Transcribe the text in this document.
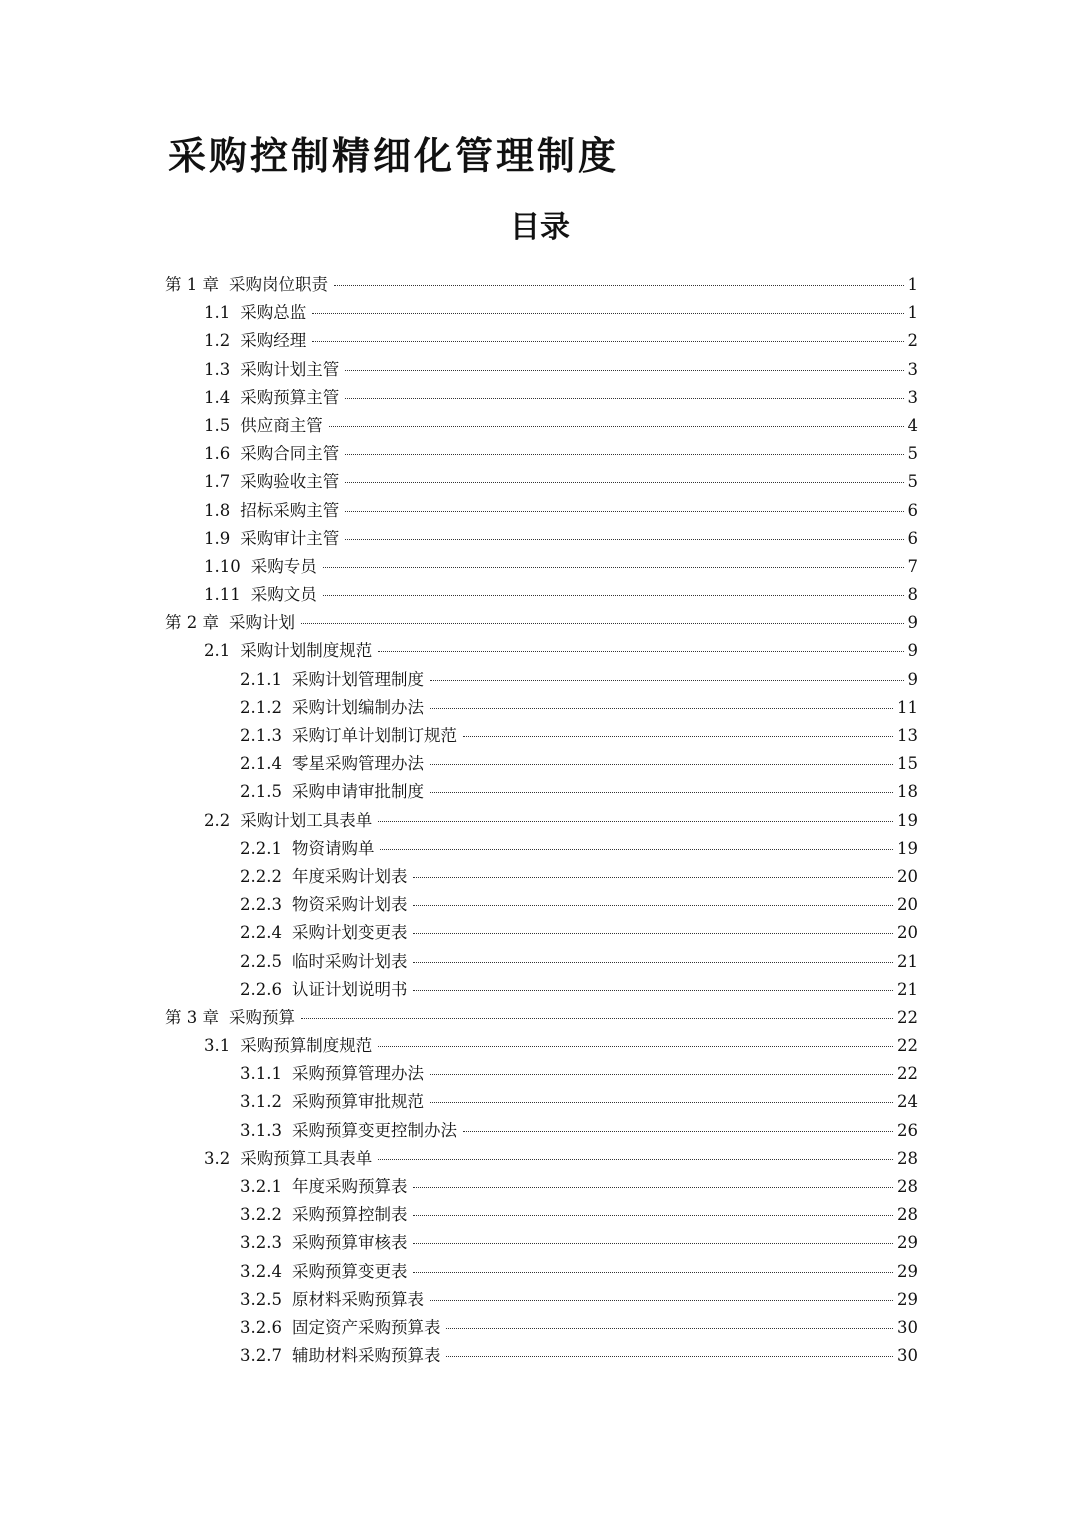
采购控制精细化管理制度
目录
第 1 章 采购岗位职责	1
1.1 采购总监	1
1.2 采购经理	2
1.3 采购计划主管	3
1.4 采购预算主管	3
1.5 供应商主管	4
1.6 采购合同主管	5
1.7 采购验收主管	5
1.8 招标采购主管	6
1.9 采购审计主管	6
1.10 采购专员	7
1.11 采购文员	8
第 2 章 采购计划	9
2.1 采购计划制度规范	9
2.1.1 采购计划管理制度	9
2.1.2 采购计划编制办法	11
2.1.3 采购订单计划制订规范	13
2.1.4 零星采购管理办法	15
2.1.5 采购申请审批制度	18
2.2 采购计划工具表单	19
2.2.1 物资请购单	19
2.2.2 年度采购计划表	20
2.2.3 物资采购计划表	20
2.2.4 采购计划变更表	20
2.2.5 临时采购计划表	21
2.2.6 认证计划说明书	21
第 3 章 采购预算	22
3.1 采购预算制度规范	22
3.1.1 采购预算管理办法	22
3.1.2 采购预算审批规范	24
3.1.3 采购预算变更控制办法	26
3.2 采购预算工具表单	28
3.2.1 年度采购预算表	28
3.2.2 采购预算控制表	28
3.2.3 采购预算审核表	29
3.2.4 采购预算变更表	29
3.2.5 原材料采购预算表	29
3.2.6 固定资产采购预算表	30
3.2.7 辅助材料采购预算表	30
